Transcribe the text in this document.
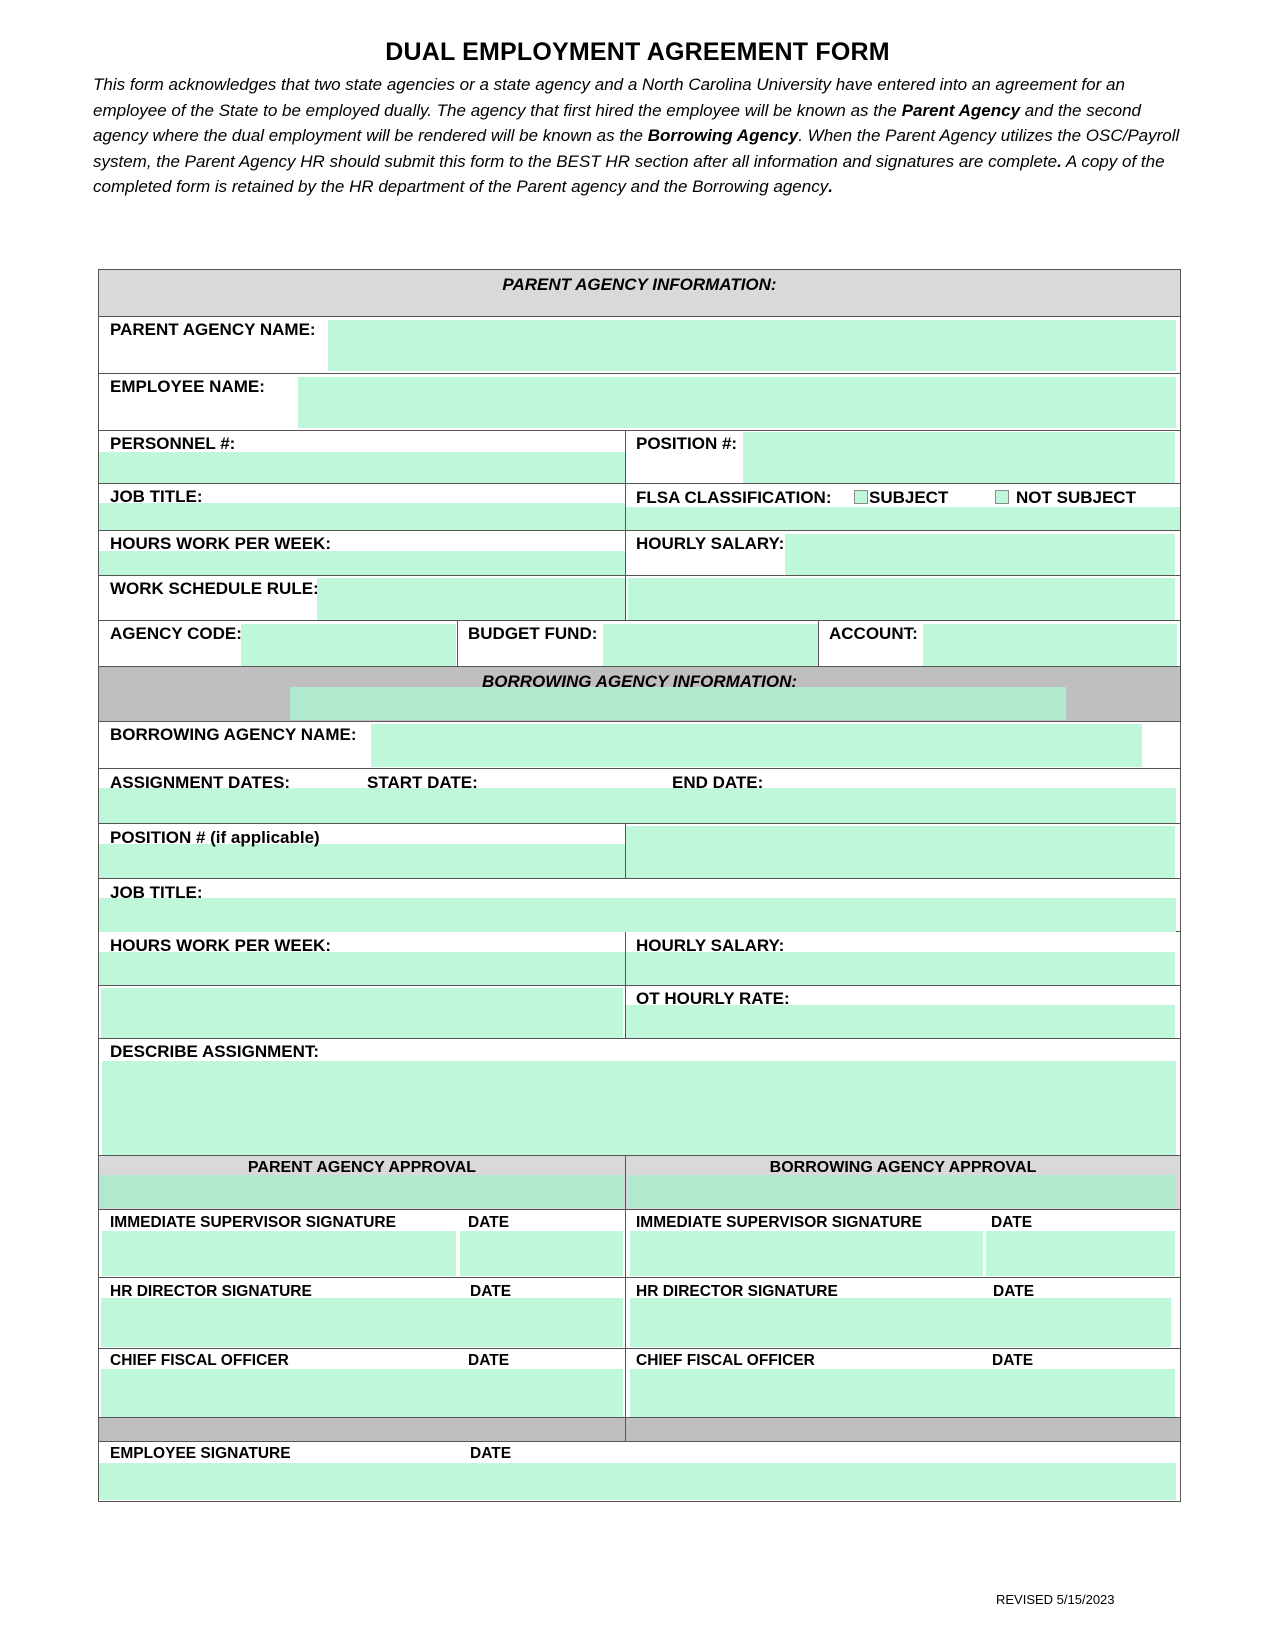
DUAL EMPLOYMENT AGREEMENT FORM
This form acknowledges that two state agencies or a state agency and a North Carolina University have entered into an agreement for an employee of the State to be employed dually. The agency that first hired the employee will be known as the Parent Agency and the second agency where the dual employment will be rendered will be known as the Borrowing Agency. When the Parent Agency utilizes the OSC/Payroll system, the Parent Agency HR should submit this form to the BEST HR section after all information and signatures are complete. A copy of the completed form is retained by the HR department of the Parent agency and the Borrowing agency.
PARENT AGENCY INFORMATION:
PARENT AGENCY NAME:
EMPLOYEE NAME:
PERSONNEL #:	POSITION #:
JOB TITLE:	FLSA CLASSIFICATION: SUBJECT	NOT SUBJECT
HOURS WORK PER WEEK:	HOURLY SALARY:
WORK SCHEDULE RULE:
AGENCY CODE:	BUDGET FUND:	ACCOUNT:
BORROWING AGENCY INFORMATION:
BORROWING AGENCY NAME:
ASSIGNMENT DATES:	START DATE:	END DATE:
POSITION # (if applicable)
JOB TITLE:
HOURS WORK PER WEEK:	HOURLY SALARY:
OT HOURLY RATE:
DESCRIBE ASSIGNMENT:
PARENT AGENCY APPROVAL	BORROWING AGENCY APPROVAL
IMMEDIATE SUPERVISOR SIGNATURE	DATE	IMMEDIATE SUPERVISOR SIGNATURE	DATE
HR DIRECTOR SIGNATURE	DATE	HR DIRECTOR SIGNATURE	DATE
CHIEF FISCAL OFFICER	DATE	CHIEF FISCAL OFFICER	DATE
EMPLOYEE SIGNATURE	DATE
REVISED 5/15/2023
